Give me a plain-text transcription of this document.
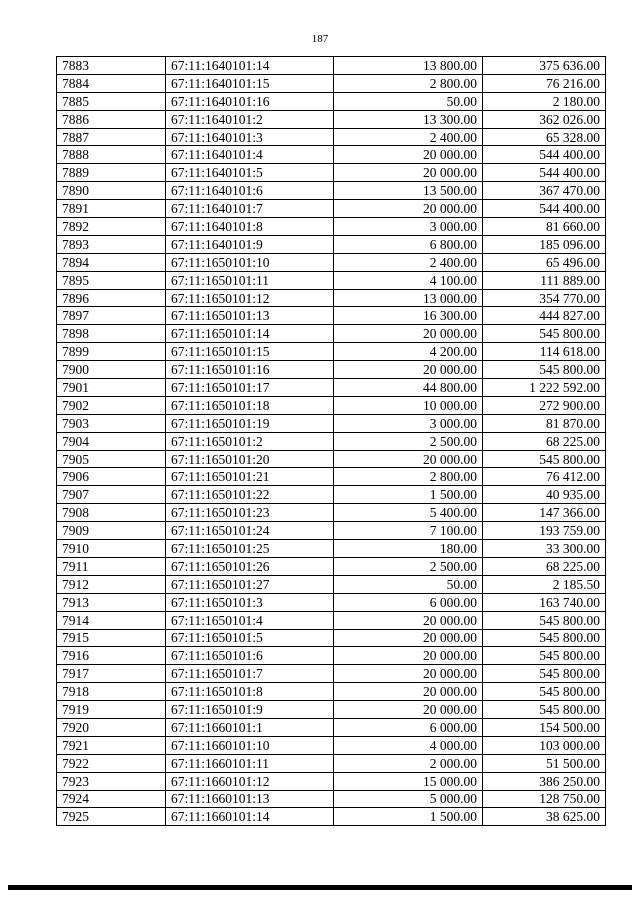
187
7883	67:11:1640101:14	13 800.00	375 636.00
7884	67:11:1640101:15	2 800.00	76 216.00
7885	67:11:1640101:16	50.00	2 180.00
7886	67:11:1640101:2	13 300.00	362 026.00
7887	67:11:1640101:3	2 400.00	65 328.00
7888	67:11:1640101:4	20 000.00	544 400.00
7889	67:11:1640101:5	20 000.00	544 400.00
7890	67:11:1640101:6	13 500.00	367 470.00
7891	67:11:1640101:7	20 000.00	544 400.00
7892	67:11:1640101:8	3 000.00	81 660.00
7893	67:11:1640101:9	6 800.00	185 096.00
7894	67:11:1650101:10	2 400.00	65 496.00
7895	67:11:1650101:11	4 100.00	111 889.00
7896	67:11:1650101:12	13 000.00	354 770.00
7897	67:11:1650101:13	16 300.00	444 827.00
7898	67:11:1650101:14	20 000.00	545 800.00
7899	67:11:1650101:15	4 200.00	114 618.00
7900	67:11:1650101:16	20 000.00	545 800.00
7901	67:11:1650101:17	44 800.00	1 222 592.00
7902	67:11:1650101:18	10 000.00	272 900.00
7903	67:11:1650101:19	3 000.00	81 870.00
7904	67:11:1650101:2	2 500.00	68 225.00
7905	67:11:1650101:20	20 000.00	545 800.00
7906	67:11:1650101:21	2 800.00	76 412.00
7907	67:11:1650101:22	1 500.00	40 935.00
7908	67:11:1650101:23	5 400.00	147 366.00
7909	67:11:1650101:24	7 100.00	193 759.00
7910	67:11:1650101:25	180.00	33 300.00
7911	67:11:1650101:26	2 500.00	68 225.00
7912	67:11:1650101:27	50.00	2 185.50
7913	67:11:1650101:3	6 000.00	163 740.00
7914	67:11:1650101:4	20 000.00	545 800.00
7915	67:11:1650101:5	20 000.00	545 800.00
7916	67:11:1650101:6	20 000.00	545 800.00
7917	67:11:1650101:7	20 000.00	545 800.00
7918	67:11:1650101:8	20 000.00	545 800.00
7919	67:11:1650101:9	20 000.00	545 800.00
7920	67:11:1660101:1	6 000.00	154 500.00
7921	67:11:1660101:10	4 000.00	103 000.00
7922	67:11:1660101:11	2 000.00	51 500.00
7923	67:11:1660101:12	15 000.00	386 250.00
7924	67:11:1660101:13	5 000.00	128 750.00
7925	67:11:1660101:14	1 500.00	38 625.00
